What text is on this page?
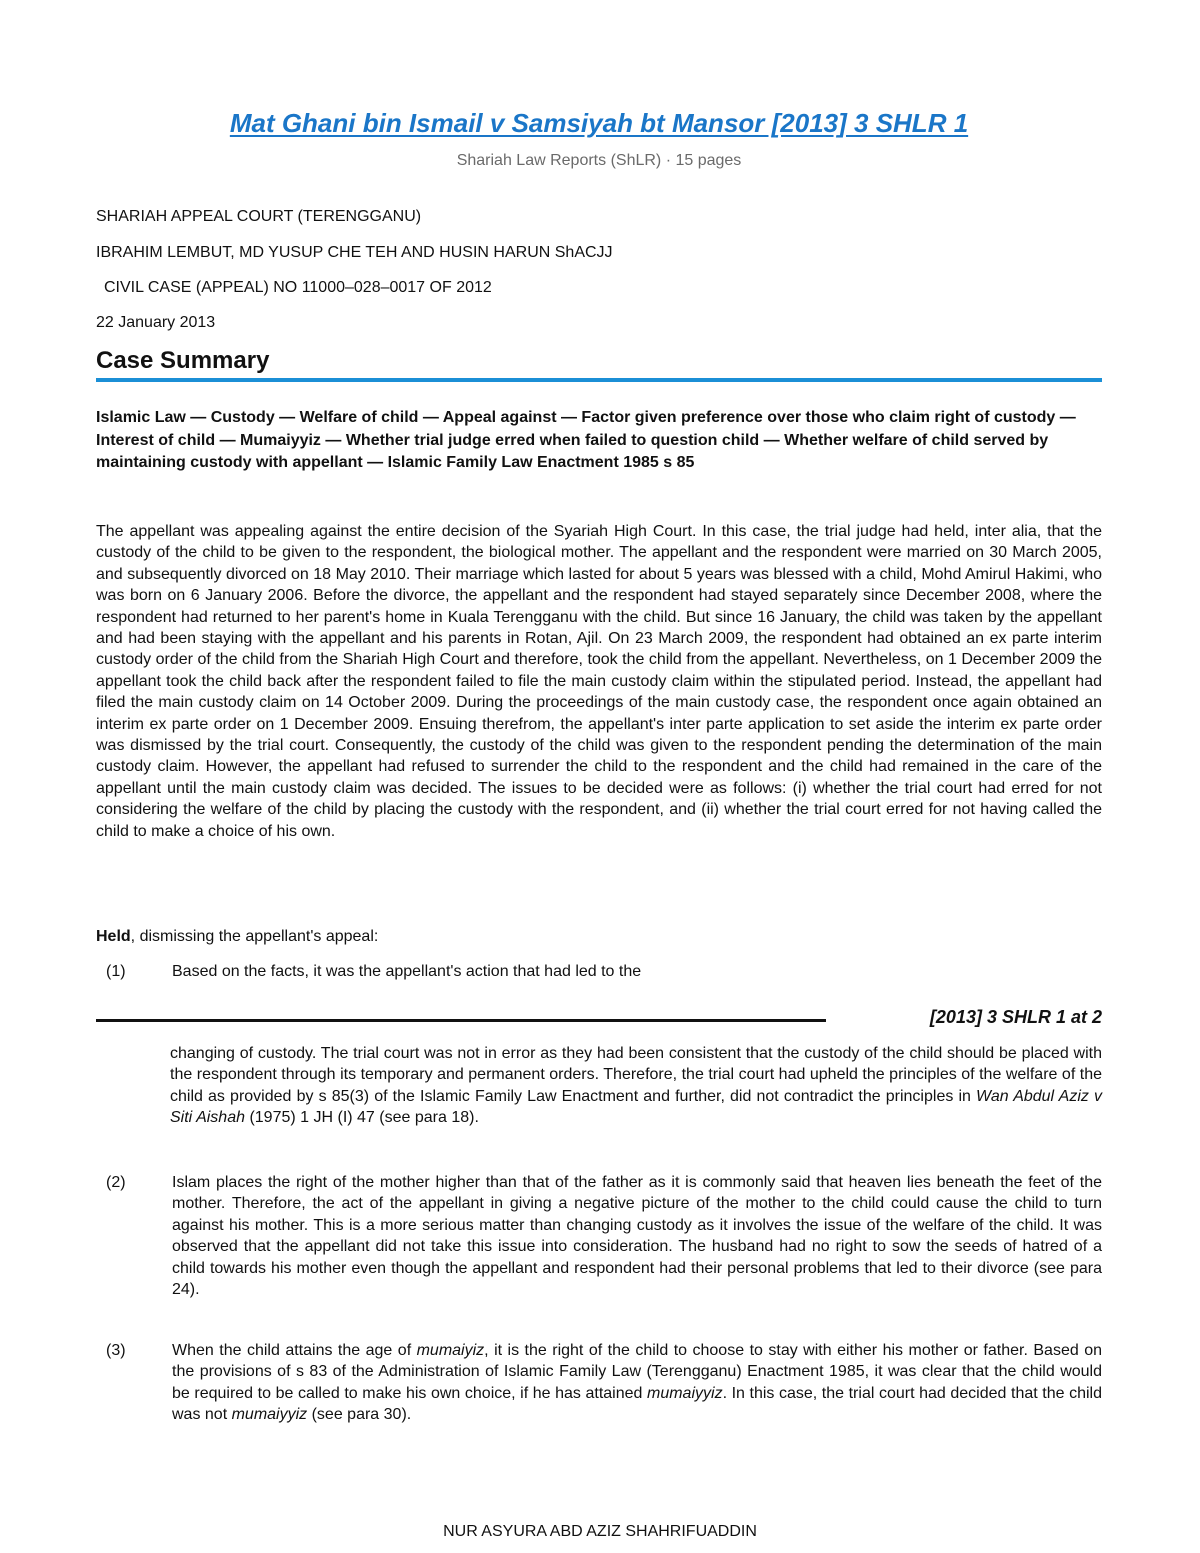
Mat Ghani bin Ismail v Samsiyah bt Mansor [2013] 3 SHLR 1
Shariah Law Reports (ShLR) · 15 pages
SHARIAH APPEAL COURT (TERENGGANU)
IBRAHIM LEMBUT, MD YUSUP CHE TEH AND HUSIN HARUN ShACJJ
CIVIL CASE (APPEAL) NO 11000–028–0017 OF 2012
22 January 2013
Case Summary

Islamic Law — Custody — Welfare of child — Appeal against — Factor given preference over those who claim right of custody — Interest of child — Mumaiyyiz — Whether trial judge erred when failed to question child — Whether welfare of child served by maintaining custody with appellant — Islamic Family Law Enactment 1985 s 85

The appellant was appealing against the entire decision of the Syariah High Court. In this case, the trial judge had held, inter alia, that the custody of the child to be given to the respondent, the biological mother. The appellant and the respondent were married on 30 March 2005, and subsequently divorced on 18 May 2010. Their marriage which lasted for about 5 years was blessed with a child, Mohd Amirul Hakimi, who was born on 6 January 2006. Before the divorce, the appellant and the respondent had stayed separately since December 2008, where the respondent had returned to her parent's home in Kuala Terengganu with the child. But since 16 January, the child was taken by the appellant and had been staying with the appellant and his parents in Rotan, Ajil. On 23 March 2009, the respondent had obtained an ex parte interim custody order of the child from the Shariah High Court and therefore, took the child from the appellant. Nevertheless, on 1 December 2009 the appellant took the child back after the respondent failed to file the main custody claim within the stipulated period. Instead, the appellant had filed the main custody claim on 14 October 2009. During the proceedings of the main custody case, the respondent once again obtained an interim ex parte order on 1 December 2009. Ensuing therefrom, the appellant's inter parte application to set aside the interim ex parte order was dismissed by the trial court. Consequently, the custody of the child was given to the respondent pending the determination of the main custody claim. However, the appellant had refused to surrender the child to the respondent and the child had remained in the care of the appellant until the main custody claim was decided. The issues to be decided were as follows: (i) whether the trial court had erred for not considering the welfare of the child by placing the custody with the respondent, and (ii) whether the trial court erred for not having called the child to make a choice of his own.

Held, dismissing the appellant's appeal:
(1)	Based on the facts, it was the appellant's action that had led to the
[2013] 3 SHLR 1 at 2
changing of custody. The trial court was not in error as they had been consistent that the custody of the child should be placed with the respondent through its temporary and permanent orders. Therefore, the trial court had upheld the principles of the welfare of the child as provided by s 85(3) of the Islamic Family Law Enactment and further, did not contradict the principles in Wan Abdul Aziz v Siti Aishah (1975) 1 JH (I) 47 (see para 18).
(2)	Islam places the right of the mother higher than that of the father as it is commonly said that heaven lies beneath the feet of the mother. Therefore, the act of the appellant in giving a negative picture of the mother to the child could cause the child to turn against his mother. This is a more serious matter than changing custody as it involves the issue of the welfare of the child. It was observed that the appellant did not take this issue into consideration. The husband had no right to sow the seeds of hatred of a child towards his mother even though the appellant and respondent had their personal problems that led to their divorce (see para 24).
(3)	When the child attains the age of mumaiyiz, it is the right of the child to choose to stay with either his mother or father. Based on the provisions of s 83 of the Administration of Islamic Family Law (Terengganu) Enactment 1985, it was clear that the child would be required to be called to make his own choice, if he has attained mumaiyyiz. In this case, the trial court had decided that the child was not mumaiyyiz (see para 30).
NUR ASYURA ABD AZIZ SHAHRIFUADDIN
